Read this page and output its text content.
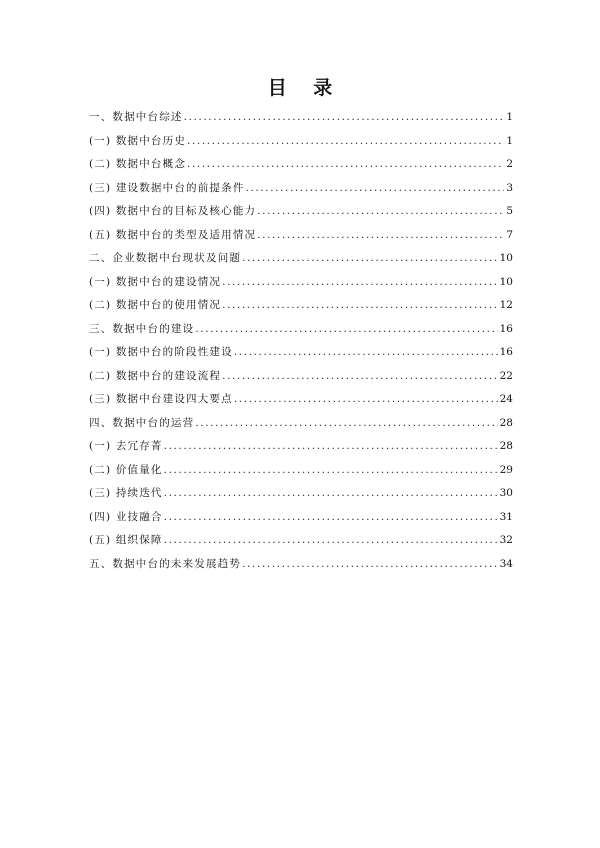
目 录
一、数据中台综述 .....	1
(一) 数据中台历史 .....	1
(二) 数据中台概念 .....	2
(三) 建设数据中台的前提条件 .....	3
(四) 数据中台的目标及核心能力 .....	5
(五) 数据中台的类型及适用情况 .....	7
二、企业数据中台现状及问题 .....	10
(一) 数据中台的建设情况 .....	10
(二) 数据中台的使用情况 .....	12
三、数据中台的建设 .....	16
(一) 数据中台的阶段性建设 .....	16
(二) 数据中台的建设流程 .....	22
(三) 数据中台建设四大要点 .....	24
四、数据中台的运营 .....	28
(一) 去冗存菁 .....	28
(二) 价值量化 .....	29
(三) 持续迭代 .....	30
(四) 业技融合 .....	31
(五) 组织保障 .....	32
五、数据中台的未来发展趋势 .....	34
